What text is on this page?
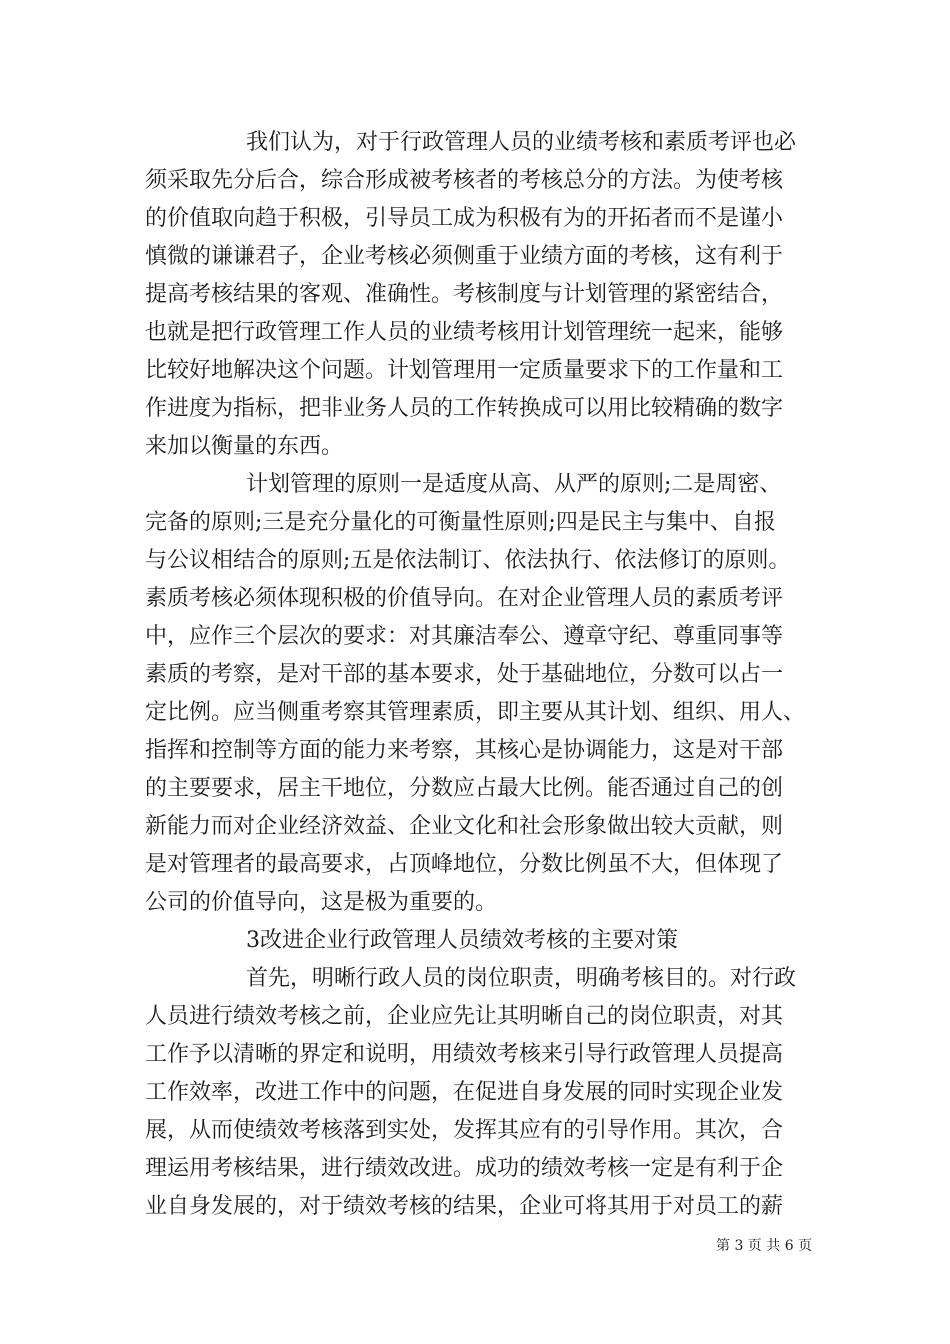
我们认为，对于行政管理人员的业绩考核和素质考评也必
须采取先分后合，综合形成被考核者的考核总分的方法。为使考核
的价值取向趋于积极，引导员工成为积极有为的开拓者而不是谨小
慎微的谦谦君子，企业考核必须侧重于业绩方面的考核，这有利于
提高考核结果的客观、准确性。考核制度与计划管理的紧密结合，
也就是把行政管理工作人员的业绩考核用计划管理统一起来，能够
比较好地解决这个问题。计划管理用一定质量要求下的工作量和工
作进度为指标，把非业务人员的工作转换成可以用比较精确的数字
来加以衡量的东西。
计划管理的原则一是适度从高、从严的原则;二是周密、
完备的原则;三是充分量化的可衡量性原则;四是民主与集中、自报
与公议相结合的原则;五是依法制订、依法执行、依法修订的原则。
素质考核必须体现积极的价值导向。在对企业管理人员的素质考评
中，应作三个层次的要求：对其廉洁奉公、遵章守纪、尊重同事等
素质的考察，是对干部的基本要求，处于基础地位，分数可以占一
定比例。应当侧重考察其管理素质，即主要从其计划、组织、用人、
指挥和控制等方面的能力来考察，其核心是协调能力，这是对干部
的主要要求，居主干地位，分数应占最大比例。能否通过自己的创
新能力而对企业经济效益、企业文化和社会形象做出较大贡献，则
是对管理者的最高要求，占顶峰地位，分数比例虽不大，但体现了
公司的价值导向，这是极为重要的。
3改进企业行政管理人员绩效考核的主要对策
首先，明晰行政人员的岗位职责，明确考核目的。对行政
人员进行绩效考核之前，企业应先让其明晰自己的岗位职责，对其
工作予以清晰的界定和说明，用绩效考核来引导行政管理人员提高
工作效率，改进工作中的问题，在促进自身发展的同时实现企业发
展，从而使绩效考核落到实处，发挥其应有的引导作用。其次，合
理运用考核结果，进行绩效改进。成功的绩效考核一定是有利于企
业自身发展的，对于绩效考核的结果，企业可将其用于对员工的薪
第 3 页 共 6 页
